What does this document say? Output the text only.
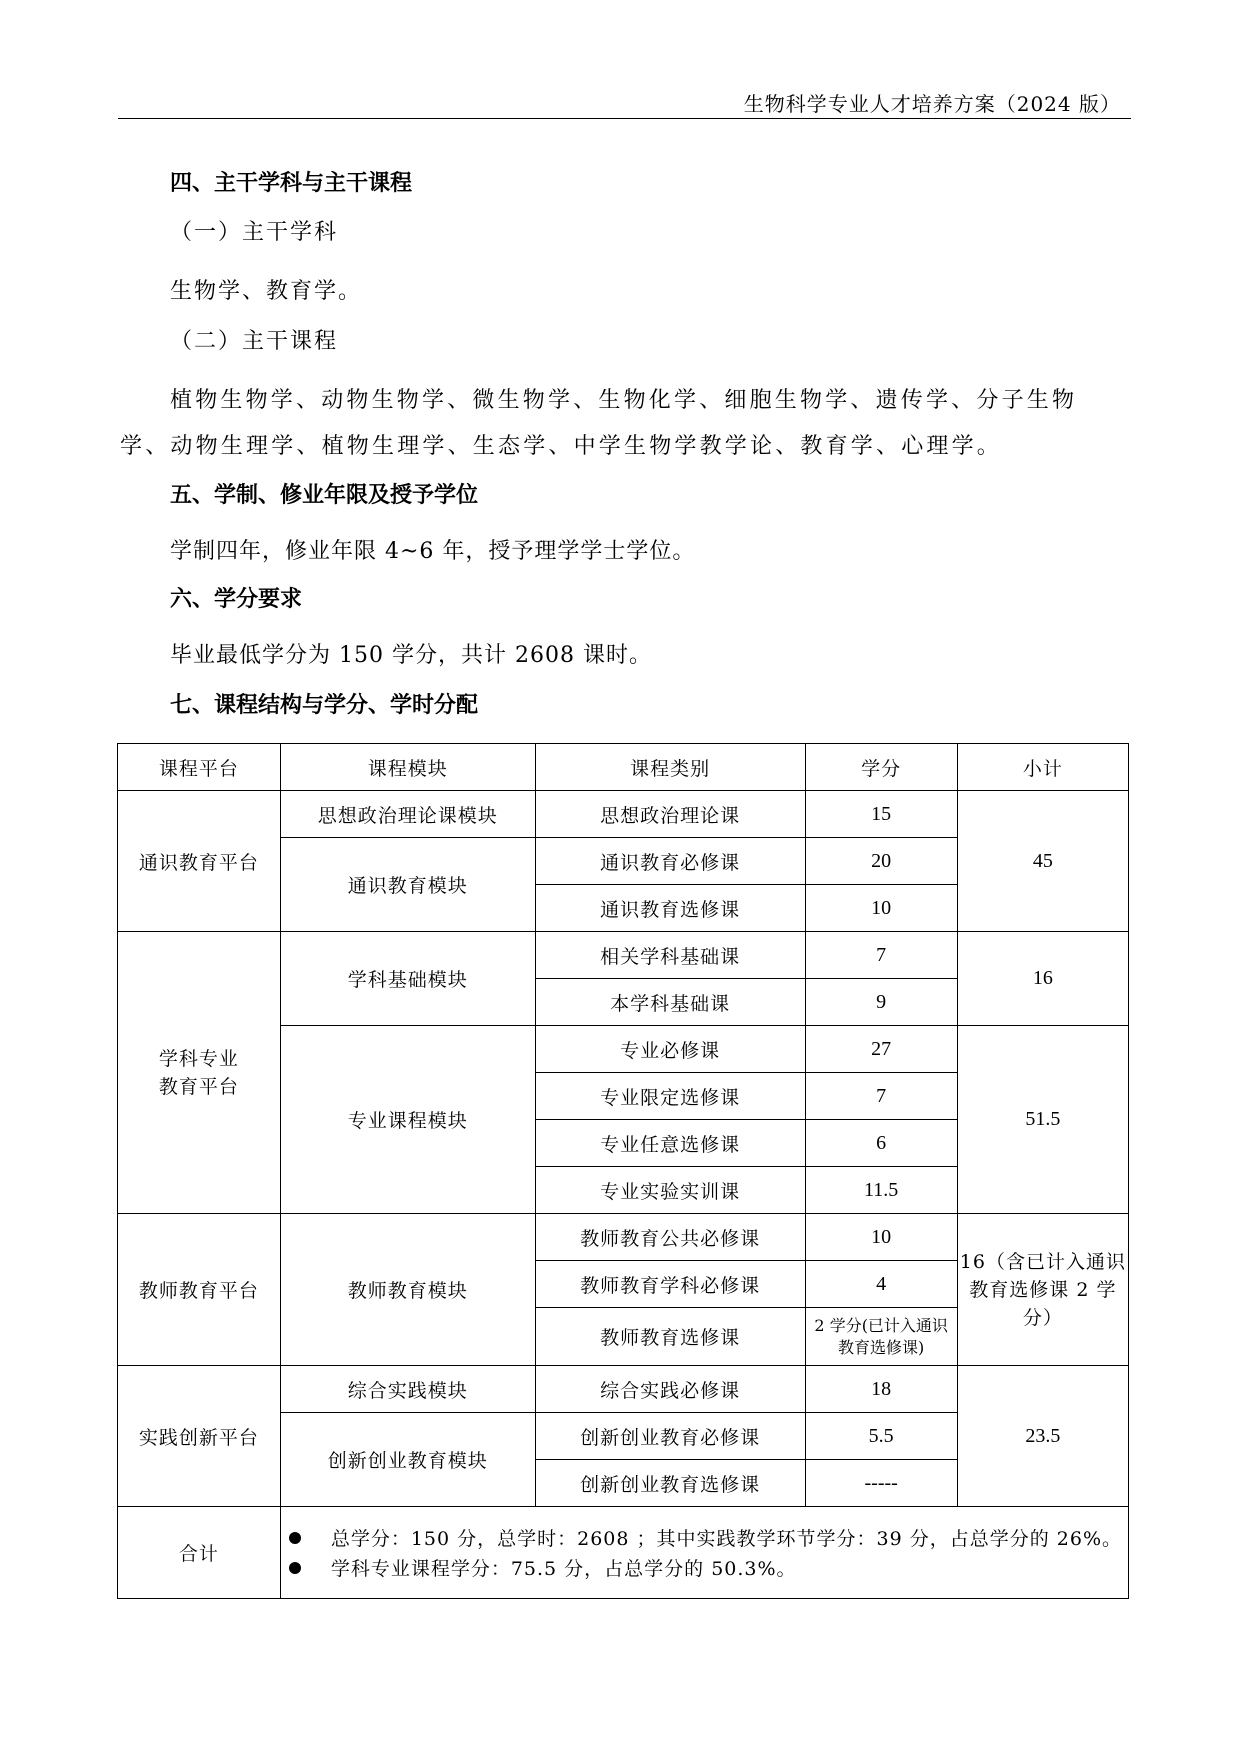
生物科学专业人才培养方案（2024 版）
四、主干学科与主干课程
（一）主干学科
生物学、教育学。
（二）主干课程
植物生物学、动物生物学、微生物学、生物化学、细胞生物学、遗传学、分子生物学、动物生理学、植物生理学、生态学、中学生物学教学论、教育学、心理学。
五、学制、修业年限及授予学位
学制四年，修业年限 4~6 年，授予理学学士学位。
六、学分要求
毕业最低学分为 150 学分，共计 2608 课时。
七、课程结构与学分、学时分配
课程平台	课程模块	课程类别	学分	小计
通识教育平台	思想政治理论课模块	思想政治理论课	15	45
	通识教育模块	通识教育必修课	20	
		通识教育选修课	10	
学科专业
教育平台	学科基础模块	相关学科基础课	7	16
		本学科基础课	9	
	专业课程模块	专业必修课	27	51.5
		专业限定选修课	7	
		专业任意选修课	6	
		专业实验实训课	11.5	
教师教育平台	教师教育模块	教师教育公共必修课	10	16（含已计入通识教育选修课 2 学分）
		教师教育学科必修课	4	
		教师教育选修课	2 学分(已计入通识教育选修课)	
实践创新平台	综合实践模块	综合实践必修课	18	23.5
	创新创业教育模块	创新创业教育必修课	5.5	
		创新创业教育选修课	-----	
合计	总学分：150 分，总学时：2608 ；其中实践教学环节学分：39 分，占总学分的 26%。
学科专业课程学分：75.5 分，占总学分的 50.3%。			
